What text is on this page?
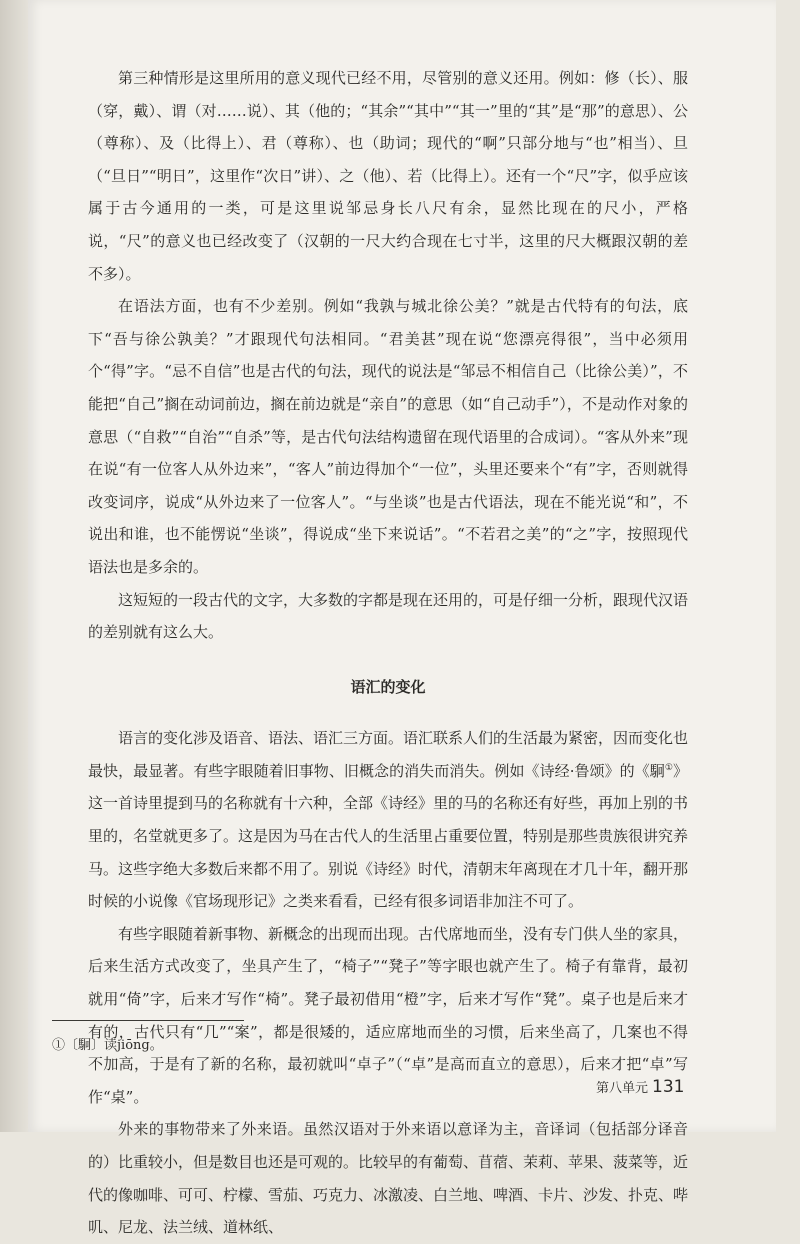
第三种情形是这里所用的意义现代已经不用，尽管别的意义还用。例如：修（长）、服（穿，戴）、谓（对……说）、其（他的；“其余”“其中”“其一”里的“其”是“那”的意思）、公（尊称）、及（比得上）、君（尊称）、也（助词；现代的“啊”只部分地与“也”相当）、旦（“旦日”“明日”，这里作“次日”讲）、之（他）、若（比得上）。还有一个“尺”字，似乎应该属于古今通用的一类，可是这里说邹忌身长八尺有余，显然比现在的尺小，严格说，“尺”的意义也已经改变了（汉朝的一尺大约合现在七寸半，这里的尺大概跟汉朝的差不多）。

在语法方面，也有不少差别。例如“我孰与城北徐公美？”就是古代特有的句法，底下“吾与徐公孰美？”才跟现代句法相同。“君美甚”现在说“您漂亮得很”，当中必须用个“得”字。“忌不自信”也是古代的句法，现代的说法是“邹忌不相信自己（比徐公美）”，不能把“自己”搁在动词前边，搁在前边就是“亲自”的意思（如“自己动手”），不是动作对象的意思（“自救”“自治”“自杀”等，是古代句法结构遗留在现代语里的合成词）。“客从外来”现在说“有一位客人从外边来”，“客人”前边得加个“一位”，头里还要来个“有”字，否则就得改变词序，说成“从外边来了一位客人”。“与坐谈”也是古代语法，现在不能光说“和”，不说出和谁，也不能愣说“坐谈”，得说成“坐下来说话”。“不若君之美”的“之”字，按照现代语法也是多余的。

这短短的一段古代的文字，大多数的字都是现在还用的，可是仔细一分析，跟现代汉语的差别就有这么大。

语汇的变化

语言的变化涉及语音、语法、语汇三方面。语汇联系人们的生活最为紧密，因而变化也最快，最显著。有些字眼随着旧事物、旧概念的消失而消失。例如《诗经·鲁颂》的《駉①》这一首诗里提到马的名称就有十六种，全部《诗经》里的马的名称还有好些，再加上别的书里的，名堂就更多了。这是因为马在古代人的生活里占重要位置，特别是那些贵族很讲究养马。这些字绝大多数后来都不用了。别说《诗经》时代，清朝末年离现在才几十年，翻开那时候的小说像《官场现形记》之类来看看，已经有很多词语非加注不可了。

有些字眼随着新事物、新概念的出现而出现。古代席地而坐，没有专门供人坐的家具，后来生活方式改变了，坐具产生了，“椅子”“凳子”等字眼也就产生了。椅子有靠背，最初就用“倚”字，后来才写作“椅”。凳子最初借用“橙”字，后来才写作“凳”。桌子也是后来才有的，古代只有“几”“案”，都是很矮的，适应席地而坐的习惯，后来坐高了，几案也不得不加高，于是有了新的名称，最初就叫“卓子”（“卓”是高而直立的意思），后来才把“卓”写作“桌”。

外来的事物带来了外来语。虽然汉语对于外来语以意译为主，音译词（包括部分译音的）比重较小，但是数目也还是可观的。比较早的有葡萄、苜蓿、茉莉、苹果、菠菜等，近代的像咖啡、可可、柠檬、雪茄、巧克力、冰激凌、白兰地、啤酒、卡片、沙发、扑克、哔叽、尼龙、法兰绒、道林纸、

①〔駉〕读jiōng。
第八单元 131
